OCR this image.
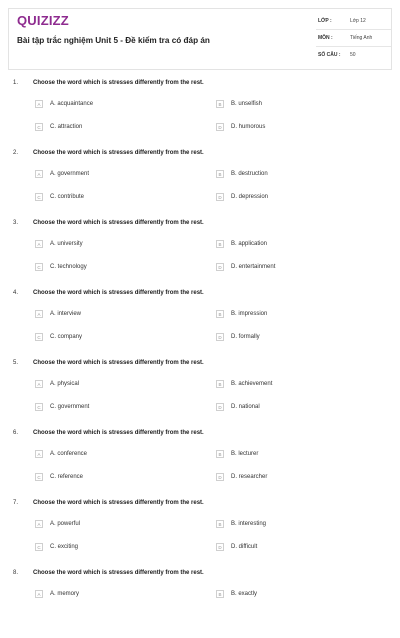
QUIZIZZ
Bài tập trắc nghiệm Unit 5 - Đề kiểm tra có đáp án
LỚP :	Lớp 12
MÔN :	Tiếng Anh
SỐ CÂU :	50
1. Choose the word which is stresses differently from the rest.
A	A. acquaintance	B	B. unselfish
C	C. attraction	D	D. humorous
2. Choose the word which is stresses differently from the rest.
A	A. government	B	B. destruction
C	C. contribute	D	D. depression
3. Choose the word which is stresses differently from the rest.
A	A. university	B	B. application
C	C. technology	D	D. entertainment
4. Choose the word which is stresses differently from the rest.
A	A. interview	B	B. impression
C	C. company	D	D. formally
5. Choose the word which is stresses differently from the rest.
A	A. physical	B	B. achievement
C	C. government	D	D. national
6. Choose the word which is stresses differently from the rest.
A	A. conference	B	B. lecturer
C	C. reference	D	D. researcher
7. Choose the word which is stresses differently from the rest.
A	A. powerful	B	B. interesting
C	C. exciting	D	D. difficult
8. Choose the word which is stresses differently from the rest.
A	A. memory	B	B. exactly
